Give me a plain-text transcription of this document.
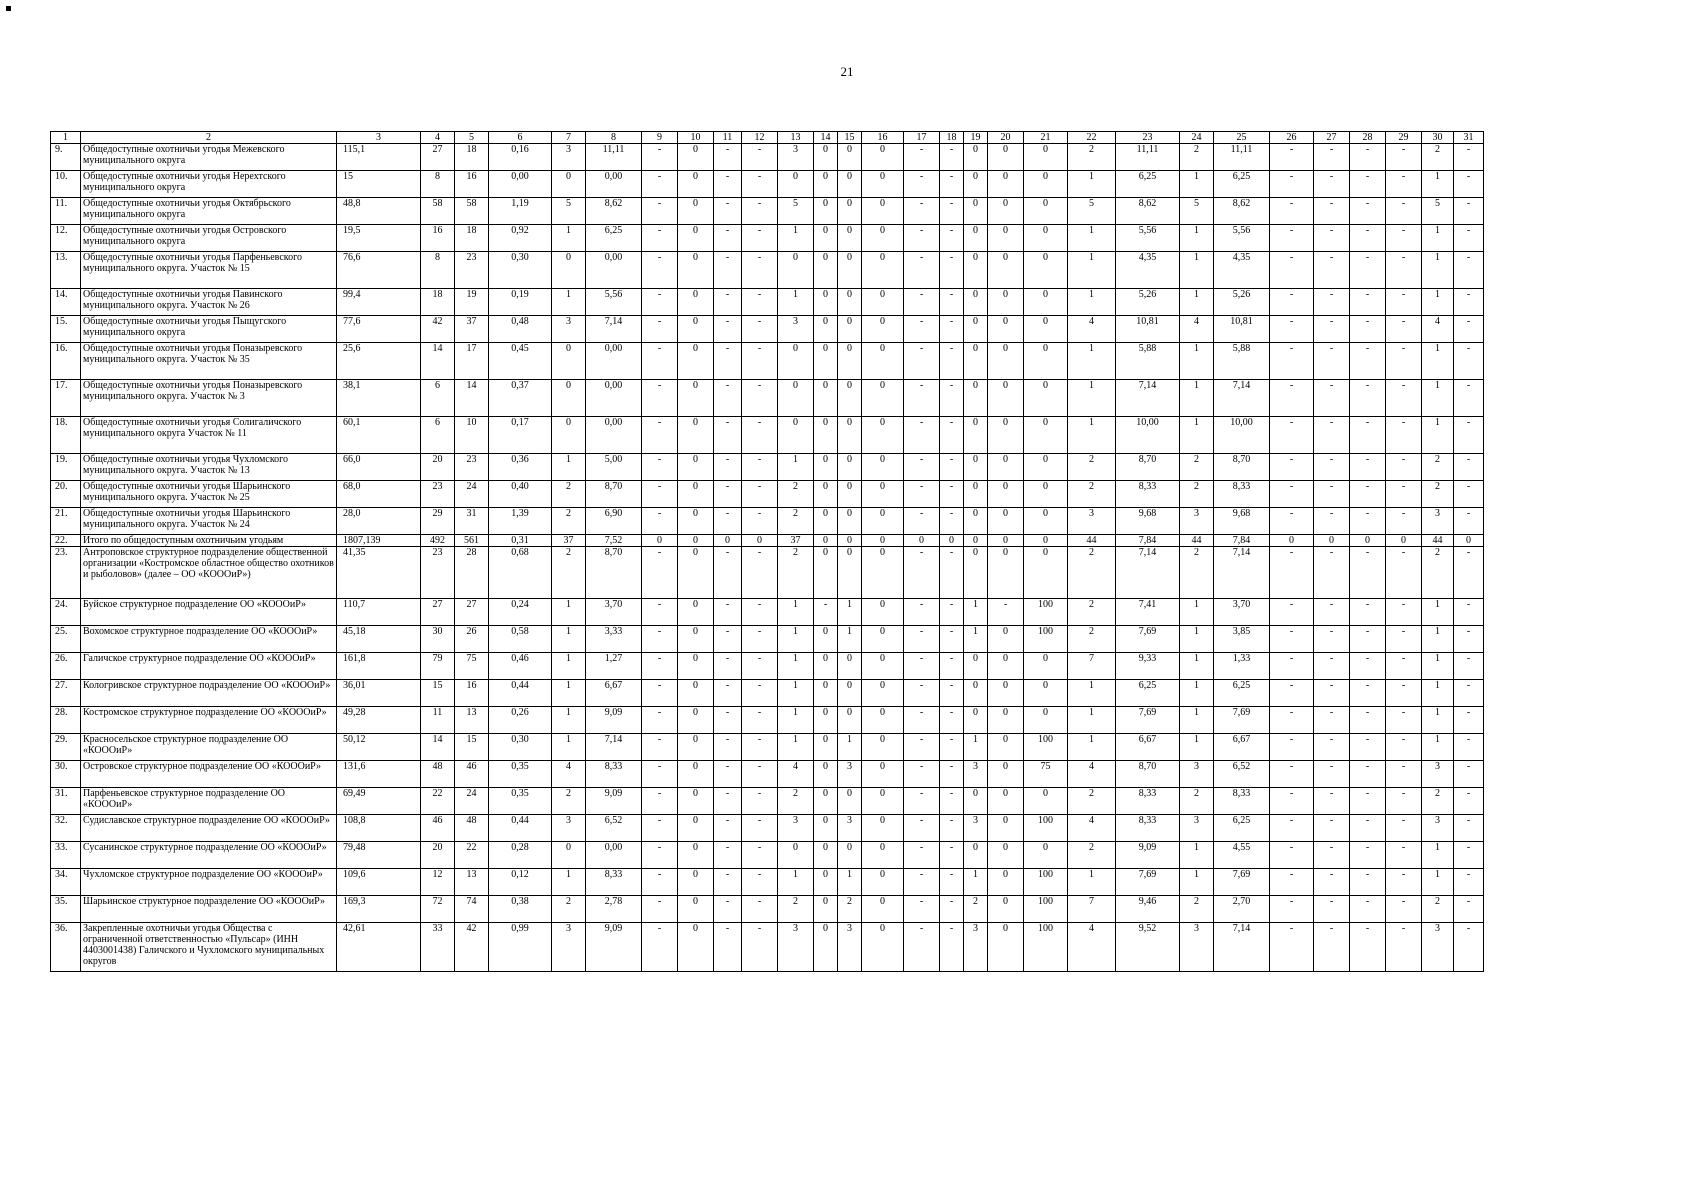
21
1	2	3	4	5	6	7	8	9	10	11	12	13	14	15	16	17	18	19	20	21	22	23	24	25	26	27	28	29	30	31
9.	Общедоступные охотничьи угодья Межевского муниципального округа	115,1	27	18	0,16	3	11,11	-	0	-	-	3	0	0	0	-	-	0	0	0	2	11,11	2	11,11	-	-	-	-	2	-
10.	Общедоступные охотничьи угодья Нерехтского муниципального округа	15	8	16	0,00	0	0,00	-	0	-	-	0	0	0	0	-	-	0	0	0	1	6,25	1	6,25	-	-	-	-	1	-
11.	Общедоступные охотничьи угодья Октябрьского муниципального округа	48,8	58	58	1,19	5	8,62	-	0	-	-	5	0	0	0	-	-	0	0	0	5	8,62	5	8,62	-	-	-	-	5	-
12.	Общедоступные охотничьи угодья Островского муниципального округа	19,5	16	18	0,92	1	6,25	-	0	-	-	1	0	0	0	-	-	0	0	0	1	5,56	1	5,56	-	-	-	-	1	-
13.	Общедоступные охотничьи угодья Парфеньевского муниципального округа. Участок № 15	76,6	8	23	0,30	0	0,00	-	0	-	-	0	0	0	0	-	-	0	0	0	1	4,35	1	4,35	-	-	-	-	1	-
14.	Общедоступные охотничьи угодья Павинского муниципального округа. Участок № 26	99,4	18	19	0,19	1	5,56	-	0	-	-	1	0	0	0	-	-	0	0	0	1	5,26	1	5,26	-	-	-	-	1	-
15.	Общедоступные охотничьи угодья Пыщугского муниципального округа	77,6	42	37	0,48	3	7,14	-	0	-	-	3	0	0	0	-	-	0	0	0	4	10,81	4	10,81	-	-	-	-	4	-
16.	Общедоступные охотничьи угодья Поназыревского муниципального округа. Участок № 35	25,6	14	17	0,45	0	0,00	-	0	-	-	0	0	0	0	-	-	0	0	0	1	5,88	1	5,88	-	-	-	-	1	-
17.	Общедоступные охотничьи угодья Поназыревского муниципального округа. Участок № 3	38,1	6	14	0,37	0	0,00	-	0	-	-	0	0	0	0	-	-	0	0	0	1	7,14	1	7,14	-	-	-	-	1	-
18.	Общедоступные охотничьи угодья Солигаличского муниципального округа Участок № 11	60,1	6	10	0,17	0	0,00	-	0	-	-	0	0	0	0	-	-	0	0	0	1	10,00	1	10,00	-	-	-	-	1	-
19.	Общедоступные охотничьи угодья Чухломского муниципального округа. Участок № 13	66,0	20	23	0,36	1	5,00	-	0	-	-	1	0	0	0	-	-	0	0	0	2	8,70	2	8,70	-	-	-	-	2	-
20.	Общедоступные охотничьи угодья Шарьинского муниципального округа. Участок № 25	68,0	23	24	0,40	2	8,70	-	0	-	-	2	0	0	0	-	-	0	0	0	2	8,33	2	8,33	-	-	-	-	2	-
21.	Общедоступные охотничьи угодья Шарьинского муниципального округа. Участок № 24	28,0	29	31	1,39	2	6,90	-	0	-	-	2	0	0	0	-	-	0	0	0	3	9,68	3	9,68	-	-	-	-	3	-
22.	Итого по общедоступным охотничьим угодьям	1807,139	492	561	0,31	37	7,52	0	0	0	0	37	0	0	0	0	0	0	0	0	44	7,84	44	7,84	0	0	0	0	44	0
23.	Антроповское структурное подразделение общественной организации «Костромское областное общество охотников и рыболовов» (далее – ОО «КОООиР»)	41,35	23	28	0,68	2	8,70	-	0	-	-	2	0	0	0	-	-	0	0	0	2	7,14	2	7,14	-	-	-	-	2	-
24.	Буйское структурное подразделение ОО «КОООиР»	110,7	27	27	0,24	1	3,70	-	0	-	-	1	-	1	0	-	-	1	-	100	2	7,41	1	3,70	-	-	-	-	1	-
25.	Вохомское структурное подразделение ОО «КОООиР»	45,18	30	26	0,58	1	3,33	-	0	-	-	1	0	1	0	-	-	1	0	100	2	7,69	1	3,85	-	-	-	-	1	-
26.	Галичское структурное подразделение ОО «КОООиР»	161,8	79	75	0,46	1	1,27	-	0	-	-	1	0	0	0	-	-	0	0	0	7	9,33	1	1,33	-	-	-	-	1	-
27.	Кологривское структурное подразделение ОО «КОООиР»	36,01	15	16	0,44	1	6,67	-	0	-	-	1	0	0	0	-	-	0	0	0	1	6,25	1	6,25	-	-	-	-	1	-
28.	Костромское структурное подразделение ОО «КОООиР»	49,28	11	13	0,26	1	9,09	-	0	-	-	1	0	0	0	-	-	0	0	0	1	7,69	1	7,69	-	-	-	-	1	-
29.	Красносельское структурное подразделение ОО «КОООиР»	50,12	14	15	0,30	1	7,14	-	0	-	-	1	0	1	0	-	-	1	0	100	1	6,67	1	6,67	-	-	-	-	1	-
30.	Островское структурное подразделение ОО «КОООиР»	131,6	48	46	0,35	4	8,33	-	0	-	-	4	0	3	0	-	-	3	0	75	4	8,70	3	6,52	-	-	-	-	3	-
31.	Парфеньевское структурное подразделение ОО «КОООиР»	69,49	22	24	0,35	2	9,09	-	0	-	-	2	0	0	0	-	-	0	0	0	2	8,33	2	8,33	-	-	-	-	2	-
32.	Судиславское структурное подразделение ОО «КОООиР»	108,8	46	48	0,44	3	6,52	-	0	-	-	3	0	3	0	-	-	3	0	100	4	8,33	3	6,25	-	-	-	-	3	-
33.	Сусанинское структурное подразделение ОО «КОООиР»	79,48	20	22	0,28	0	0,00	-	0	-	-	0	0	0	0	-	-	0	0	0	2	9,09	1	4,55	-	-	-	-	1	-
34.	Чухломское структурное подразделение ОО «КОООиР»	109,6	12	13	0,12	1	8,33	-	0	-	-	1	0	1	0	-	-	1	0	100	1	7,69	1	7,69	-	-	-	-	1	-
35.	Шарьинское структурное подразделение ОО «КОООиР»	169,3	72	74	0,38	2	2,78	-	0	-	-	2	0	2	0	-	-	2	0	100	7	9,46	2	2,70	-	-	-	-	2	-
36.	Закрепленные охотничьи угодья Общества с ограниченной ответственностью «Пульсар» (ИНН 4403001438) Галичского и Чухломского муниципальных округов	42,61	33	42	0,99	3	9,09	-	0	-	-	3	0	3	0	-	-	3	0	100	4	9,52	3	7,14	-	-	-	-	3	-
